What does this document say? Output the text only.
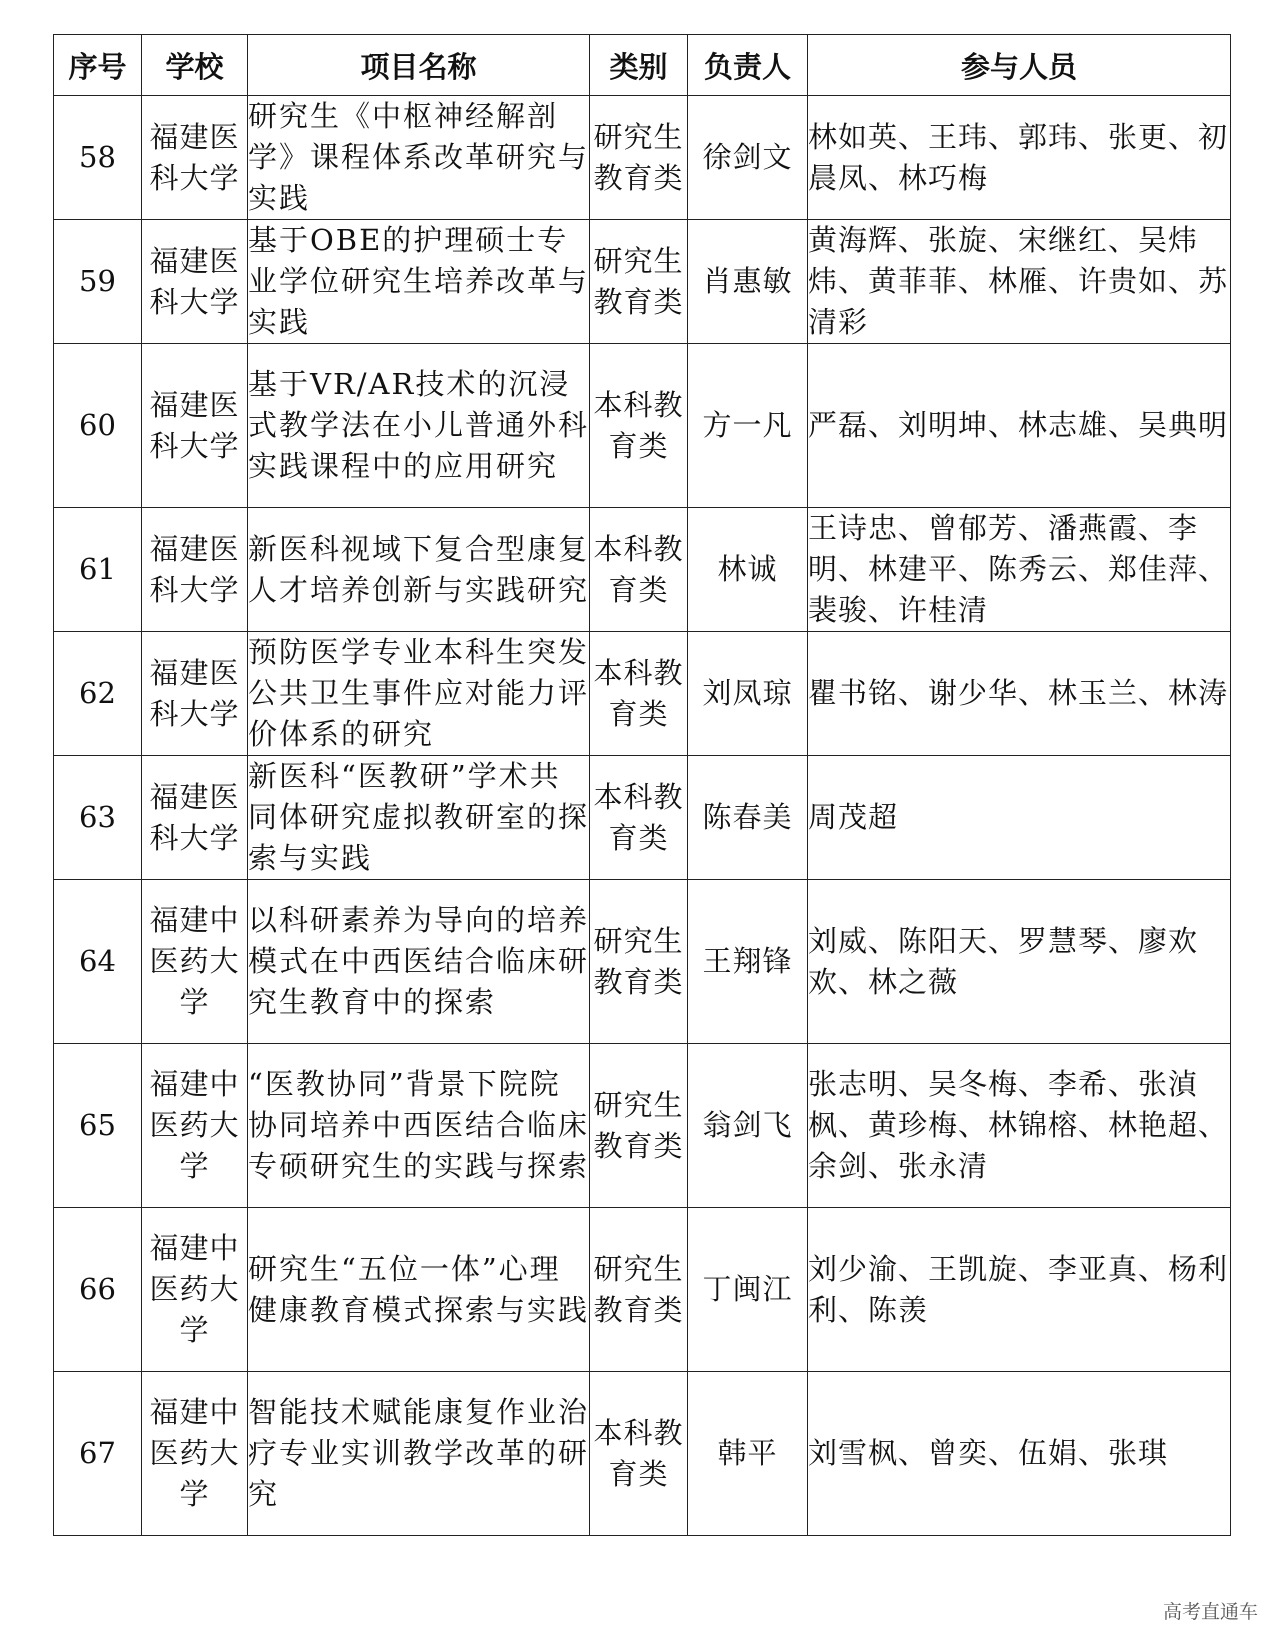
序号	学校	项目名称	类别	负责人	参与人员
58	福建医科大学	研究生《中枢神经解剖学》课程体系改革研究与实践	研究生教育类	徐剑文	林如英、王玮、郭玮、张更、初晨凤、林巧梅

59	福建医科大学	基于OBE的护理硕士专业学位研究生培养改革与实践	研究生教育类	肖惠敏	黄海辉、张旋、宋继红、吴炜炜、黄菲菲、林雁、许贵如、苏清彩

60	福建医科大学	基于VR/AR技术的沉浸式教学法在小儿普通外科实践课程中的应用研究	本科教育类	方一凡	严磊、刘明坤、林志雄、吴典明

61	福建医科大学	新医科视域下复合型康复人才培养创新与实践研究	本科教育类	林诚	王诗忠、曾郁芳、潘燕霞、李明、林建平、陈秀云、郑佳萍、裴骏、许桂清

62	福建医科大学	预防医学专业本科生突发公共卫生事件应对能力评价体系的研究	本科教育类	刘凤琼	瞿书铭、谢少华、林玉兰、林涛

63	福建医科大学	新医科“医教研”学术共同体研究虚拟教研室的探索与实践	本科教育类	陈春美	周茂超

64	福建中医药大学	以科研素养为导向的培养模式在中西医结合临床研究生教育中的探索	研究生教育类	王翔锋	刘威、陈阳天、罗慧琴、廖欢欢、林之薇

65	福建中医药大学	“医教协同”背景下院院协同培养中西医结合临床专硕研究生的实践与探索	研究生教育类	翁剑飞	张志明、吴冬梅、李希、张湞枫、黄珍梅、林锦榕、林艳超、余剑、张永清

66	福建中医药大学	研究生“五位一体”心理健康教育模式探索与实践	研究生教育类	丁闽江	刘少渝、王凯旋、李亚真、杨利利、陈羡

67	福建中医药大学	智能技术赋能康复作业治疗专业实训教学改革的研究	本科教育类	韩平	刘雪枫、曾奕、伍娟、张琪
高考直通车
